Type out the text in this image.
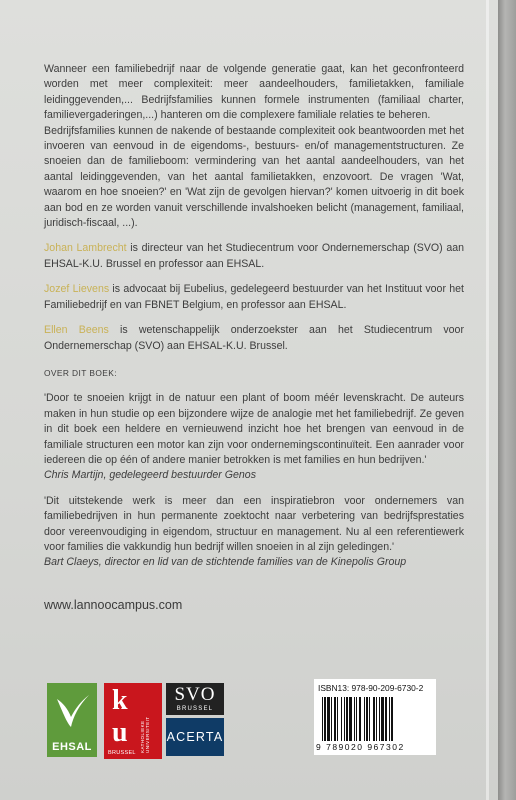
Wanneer een familiebedrijf naar de volgende generatie gaat, kan het geconfronteerd worden met meer complexiteit: meer aandeelhouders, familietakken, familiale leidinggevenden,... Bedrijfsfamilies kunnen formele instrumenten (familiaal charter, familievergaderingen,...) hanteren om die complexere familiale relaties te beheren.

Bedrijfsfamilies kunnen de nakende of bestaande complexiteit ook beantwoorden met het invoeren van eenvoud in de eigendoms-, bestuurs- en/of managementstructuren. Ze snoeien dan de familieboom: vermindering van het aantal aandeelhouders, van het aantal leidinggevenden, van het aantal familietakken, enzovoort. De vragen 'Wat, waarom en hoe snoeien?' en 'Wat zijn de gevolgen hiervan?' komen uitvoerig in dit boek aan bod en ze worden vanuit verschillende invalshoeken belicht (management, familiaal, juridisch-fiscaal, ...).

Johan Lambrecht is directeur van het Studiecentrum voor Ondernemerschap (SVO) aan EHSAL-K.U. Brussel en professor aan EHSAL.

Jozef Lievens is advocaat bij Eubelius, gedelegeerd bestuurder van het Instituut voor het Familiebedrijf en van FBNET Belgium, en professor aan EHSAL.

Ellen Beens is wetenschappelijk onderzoekster aan het Studiecentrum voor Ondernemerschap (SVO) aan EHSAL-K.U. Brussel.

OVER DIT BOEK:

'Door te snoeien krijgt in de natuur een plant of boom méér levenskracht. De auteurs maken in hun studie op een bijzondere wijze de analogie met het familiebedrijf. Ze geven in dit boek een heldere en vernieuwend inzicht hoe het brengen van eenvoud in de familiale structuren een motor kan zijn voor ondernemingscontinuïteit. Een aanrader voor iedereen die op één of andere manier betrokken is met families en hun bedrijven.'

Chris Martijn, gedelegeerd bestuurder Genos

'Dit uitstekende werk is meer dan een inspiratiebron voor ondernemers van familiebedrijven in hun permanente zoektocht naar verbetering van bedrijfsprestaties door vereenvoudiging in eigendom, structuur en management. Nu al een referentiewerk voor families die vakkundig hun bedrijf willen snoeien in al zijn geledingen.'

Bart Claeys, director en lid van de stichtende families van de Kinepolis Group

www.lannoocampus.com
EHSAL
k
u	KATHOLIEKE UNIVERSITEIT
BRUSSEL
SVO
BRUSSEL
ACERTA
ISBN13: 978-90-209-6730-2
9 789020 967302
